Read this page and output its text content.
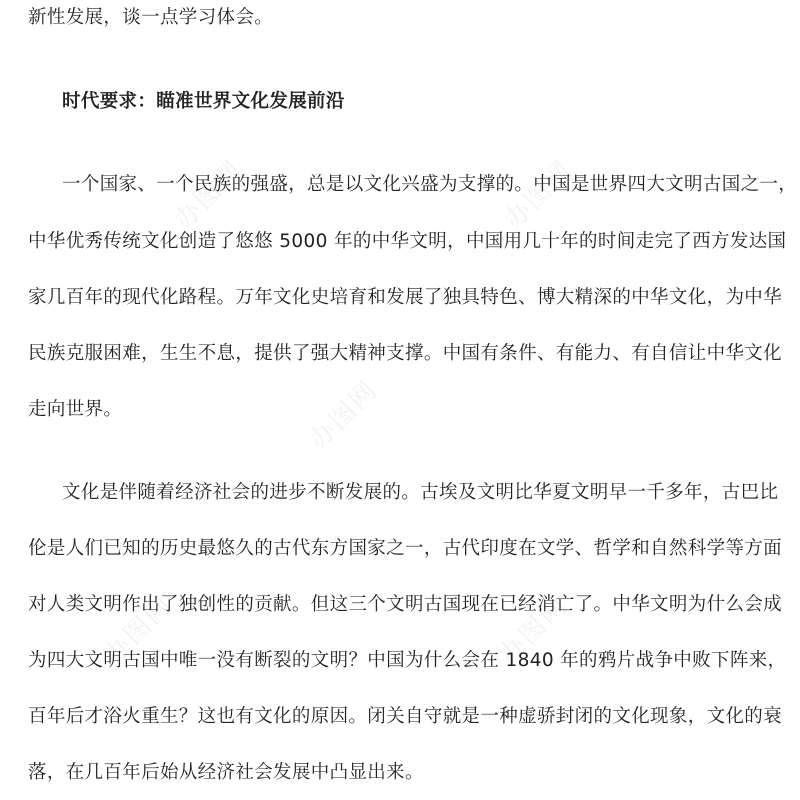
办图网	办图网
办图网
办图网	办图网
新性发展，谈一点学习体会。
时代要求：瞄准世界文化发展前沿
一个国家、一个民族的强盛，总是以文化兴盛为支撑的。中国是世界四大文明古国之一，
中华优秀传统文化创造了悠悠 5000 年的中华文明，中国用几十年的时间走完了西方发达国
家几百年的现代化路程。万年文化史培育和发展了独具特色、博大精深的中华文化，为中华
民族克服困难，生生不息，提供了强大精神支撑。中国有条件、有能力、有自信让中华文化
走向世界。
文化是伴随着经济社会的进步不断发展的。古埃及文明比华夏文明早一千多年，古巴比
伦是人们已知的历史最悠久的古代东方国家之一，古代印度在文学、哲学和自然科学等方面
对人类文明作出了独创性的贡献。但这三个文明古国现在已经消亡了。中华文明为什么会成
为四大文明古国中唯一没有断裂的文明？中国为什么会在 1840 年的鸦片战争中败下阵来，
百年后才浴火重生？这也有文化的原因。闭关自守就是一种虚骄封闭的文化现象，文化的衰
落，在几百年后始从经济社会发展中凸显出来。
